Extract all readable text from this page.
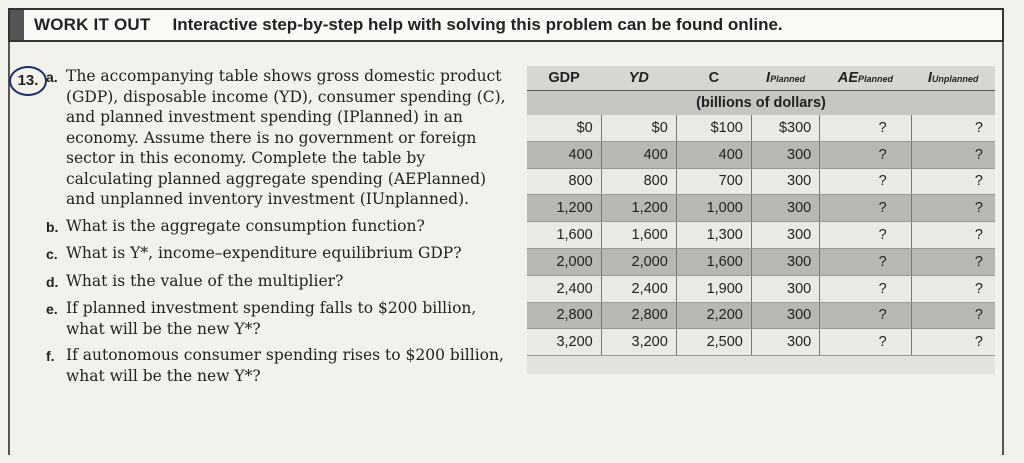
WORK IT OUT	Interactive step-by-step help with solving this problem can be found online.
13. a. The accompanying table shows gross domestic product (GDP), disposable income (YD), consumer spending (C), and planned investment spending (IPlanned) in an economy. Assume there is no government or foreign sector in this economy. Complete the table by calculating planned aggregate spending (AEPlanned) and unplanned inventory investment (IUnplanned).
b. What is the aggregate consumption function?
c. What is Y*, income–expenditure equilibrium GDP?
d. What is the value of the multiplier?
e. If planned investment spending falls to $200 billion, what will be the new Y*?
f. If autonomous consumer spending rises to $200 billion, what will be the new Y*?
GDP	YD	C	IPlanned	AEPlanned	IUnplanned
(billions of dollars)					
$0	$0	$100	$300	?	?
400	400	400	300	?	?
800	800	700	300	?	?
1,200	1,200	1,000	300	?	?
1,600	1,600	1,300	300	?	?
2,000	2,000	1,600	300	?	?
2,400	2,400	1,900	300	?	?
2,800	2,800	2,200	300	?	?
3,200	3,200	2,500	300	?	?
